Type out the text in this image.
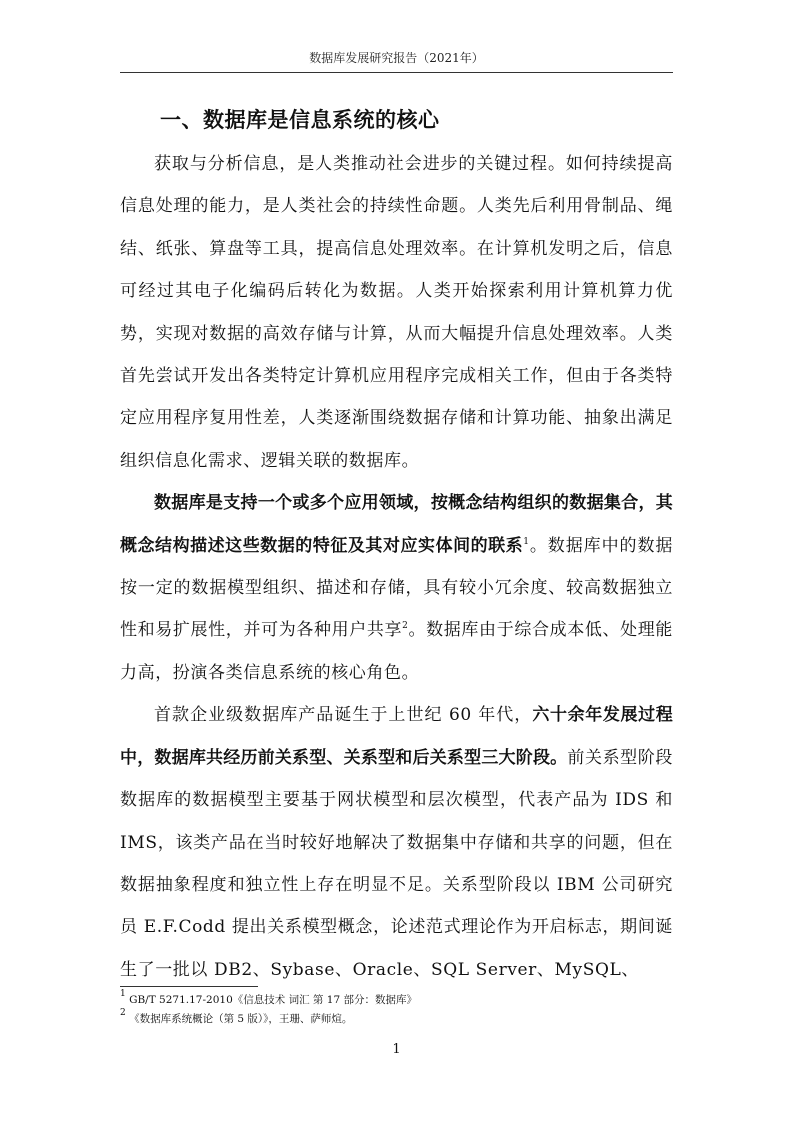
数据库发展研究报告（2021年）
一、数据库是信息系统的核心

获取与分析信息，是人类推动社会进步的关键过程。如何持续提高信息处理的能力，是人类社会的持续性命题。人类先后利用骨制品、绳结、纸张、算盘等工具，提高信息处理效率。在计算机发明之后，信息可经过其电子化编码后转化为数据。人类开始探索利用计算机算力优势，实现对数据的高效存储与计算，从而大幅提升信息处理效率。人类首先尝试开发出各类特定计算机应用程序完成相关工作，但由于各类特定应用程序复用性差，人类逐渐围绕数据存储和计算功能、抽象出满足组织信息化需求、逻辑关联的数据库。

数据库是支持一个或多个应用领域，按概念结构组织的数据集合，其概念结构描述这些数据的特征及其对应实体间的联系$^1$。数据库中的数据按一定的数据模型组织、描述和存储，具有较小冗余度、较高数据独立性和易扩展性，并可为各种用户共享$^2$。数据库由于综合成本低、处理能力高，扮演各类信息系统的核心角色。

首款企业级数据库产品诞生于上世纪 60 年代，六十余年发展过程中，数据库共经历前关系型、关系型和后关系型三大阶段。前关系型阶段数据库的数据模型主要基于网状模型和层次模型，代表产品为 IDS 和 IMS，该类产品在当时较好地解决了数据集中存储和共享的问题，但在数据抽象程度和独立性上存在明显不足。关系型阶段以 IBM 公司研究员 E.F.Codd 提出关系模型概念，论述范式理论作为开启标志，期间诞生了一批以 DB2、Sybase、Oracle、SQL Server、MySQL、

$^1$ GB/T 5271.17-2010《信息技术 词汇 第 17 部分：数据库》
$^2$ 《数据库系统概论（第 5 版）》，王珊、萨师煊。
1
